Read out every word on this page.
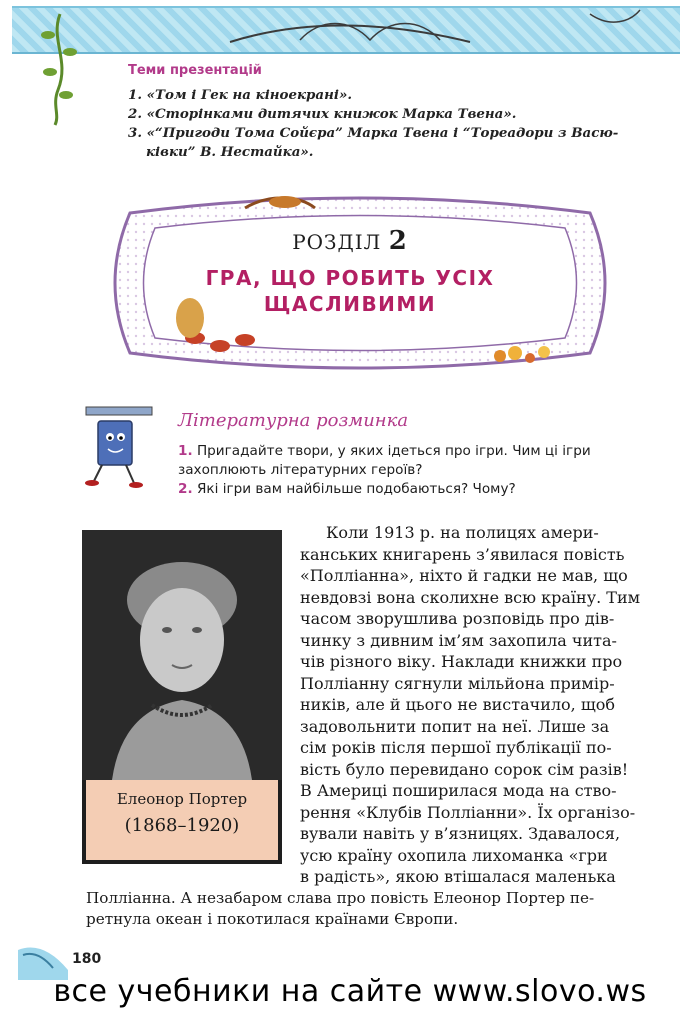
Теми презентацій
1. «Том і Гек на кіноекрані».
2. «Сторінками дитячих книжок Марка Твена».
3. «“Пригоди Тома Сойєра” Марка Твена і “Тореадори з Васю-
ківки” В. Нестайка».
РОЗДІЛ 2
ГРА, ЩО РОБИТЬ УСІХ
ЩАСЛИВИМИ
Літературна розминка
1. Пригадайте твори, у яких ідеться про ігри. Чим ці ігри
захоплюють літературних героїв?
2. Які ігри вам найбільше подобаються? Чому?
Елеонор Портер
(1868–1920)
Коли 1913 р. на полицях амери-
канських книгарень з’явилася повість
«Полліанна», ніхто й гадки не мав, що
невдовзі вона сколихне всю країну. Тим
часом зворушлива розповідь про дів-
чинку з дивним ім’ям захопила чита-
чів різного віку. Наклади книжки про
Полліанну сягнули мільйона примір-
ників, але й цього не вистачило, щоб
задовольнити попит на неї. Лише за
сім років після першої публікації по-
вість було перевидано сорок сім разів!
В Америці поширилася мода на ство-
рення «Клубів Полліанни». Їх організо-
вували навіть у в’язницях. Здавалося,
усю країну охопила лихоманка «гри
в радість», якою втішалася маленька
Полліанна. А незабаром слава про повість Елеонор Портер пе-
ретнула океан і покотилася країнами Європи.
180
все учебники на сайте www.slovo.ws
